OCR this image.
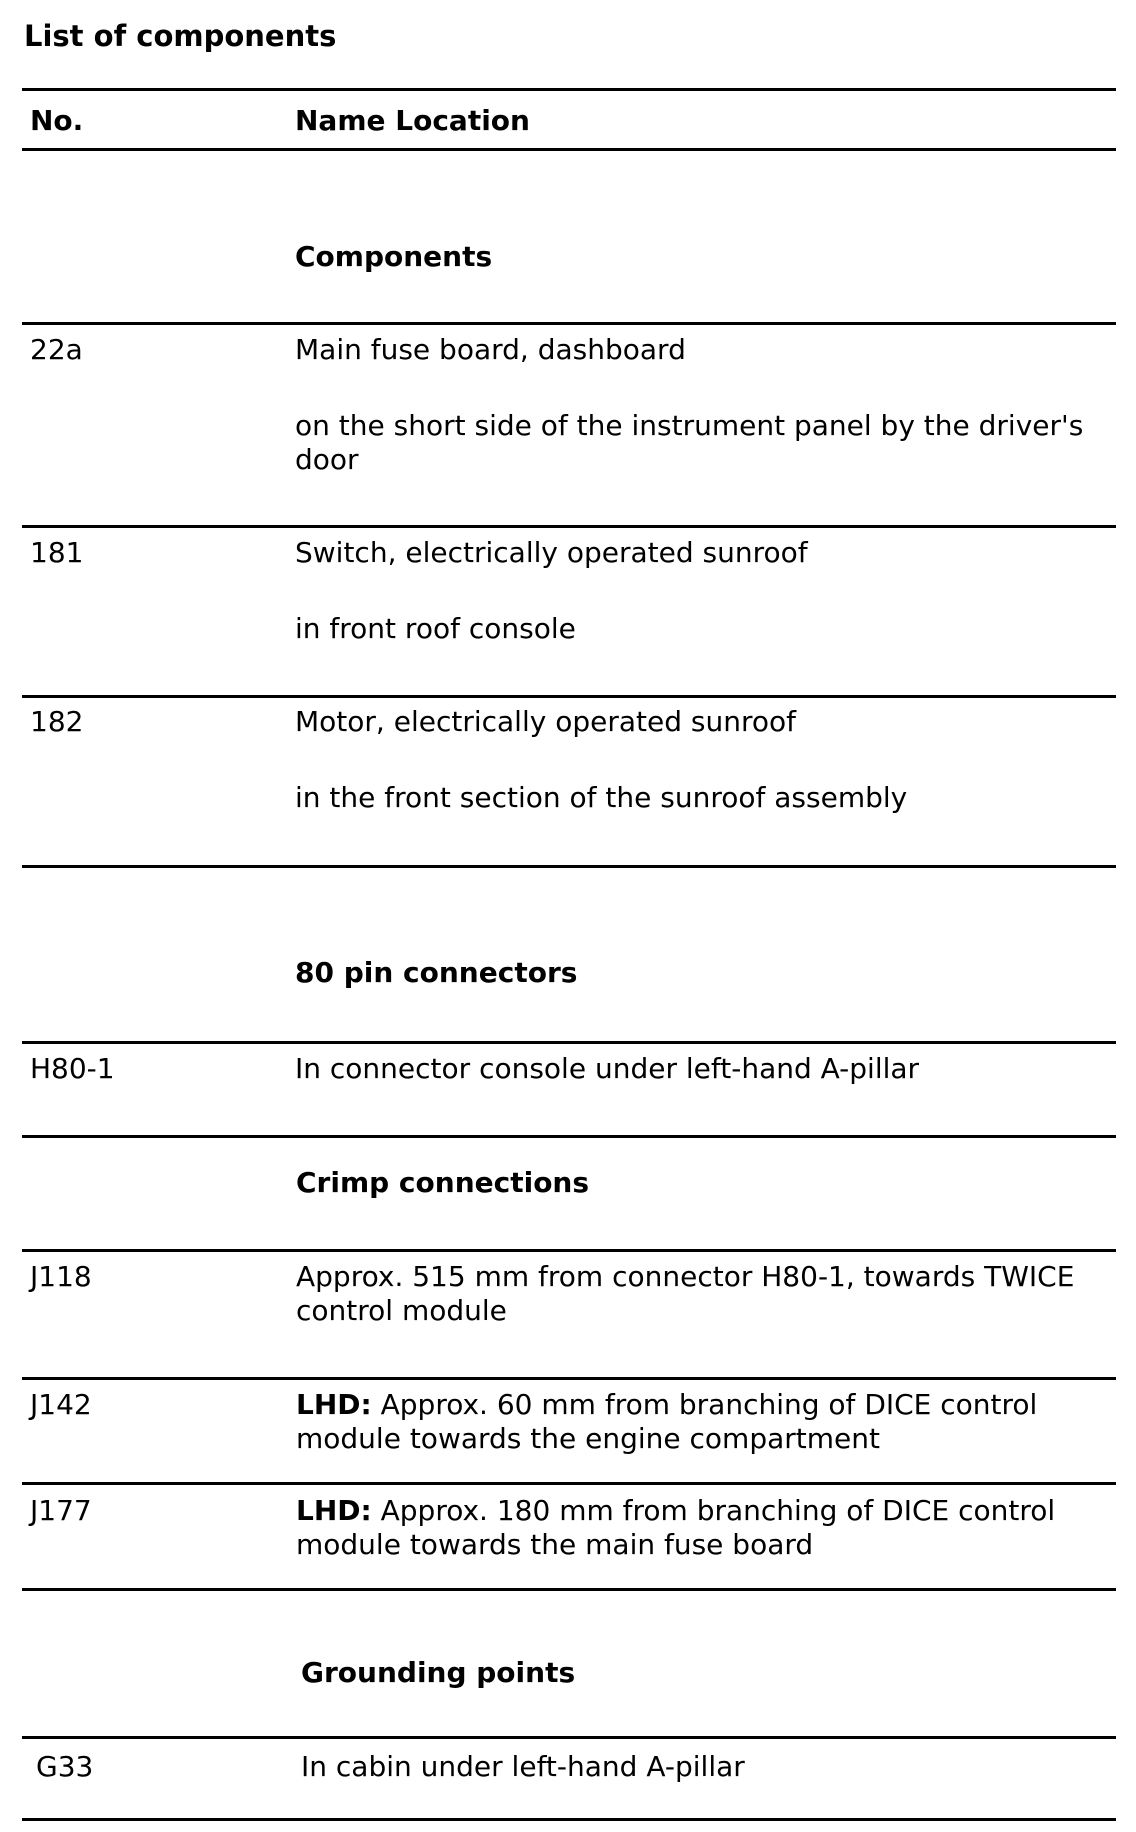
List of components
No.	Name Location
Components
22a	Main fuse board, dashboard
on the short side of the instrument panel by the driver's door
181	Switch, electrically operated sunroof
in front roof console
182	Motor, electrically operated sunroof
in the front section of the sunroof assembly
80 pin connectors
H80-1	In connector console under left-hand A-pillar
Crimp connections
J118	Approx. 515 mm from connector H80-1, towards TWICE control module
J142	LHD: Approx. 60 mm from branching of DICE control module towards the engine compartment
J177	LHD: Approx. 180 mm from branching of DICE control module towards the main fuse board
Grounding points
G33	In cabin under left-hand A-pillar
